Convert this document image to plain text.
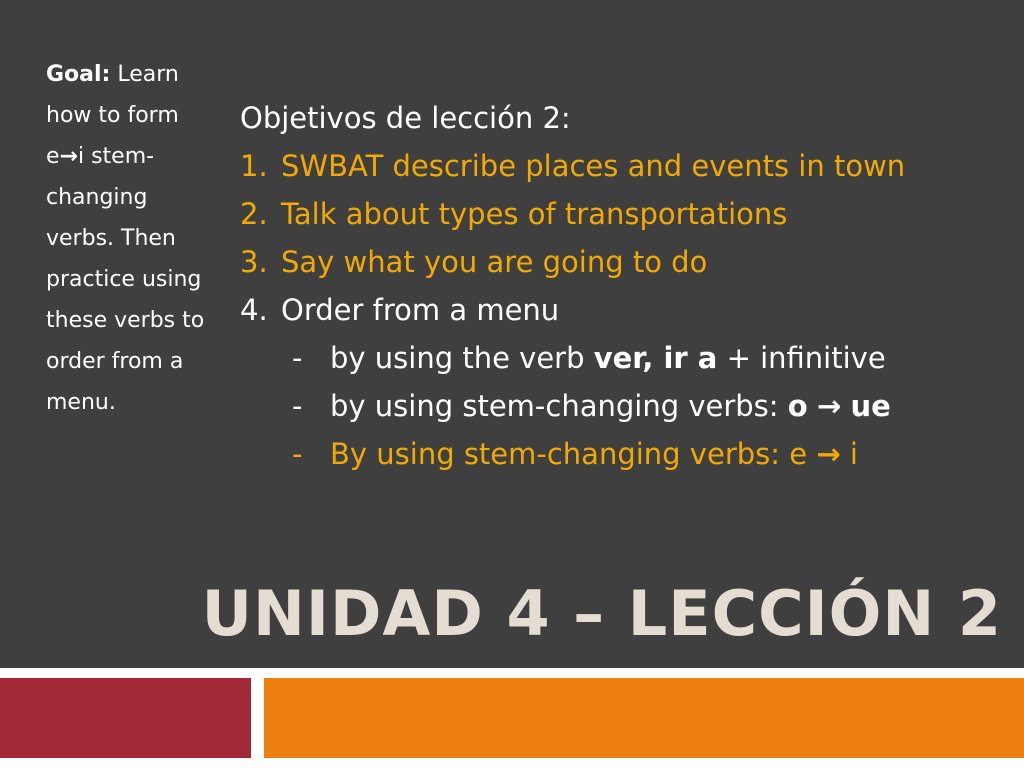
Goal: Learn how to form e→i stem-changing verbs. Then practice using these verbs to order from a menu.
Objetivos de lección 2:
1. SWBAT describe places and events in town
2. Talk about types of transportations
3. Say what you are going to do
4. Order from a menu
- by using the verb ver, ir a + infinitive
- by using stem-changing verbs: o → ue
- By using stem-changing verbs: e → i
UNIDAD 4 – LECCIÓN 2
